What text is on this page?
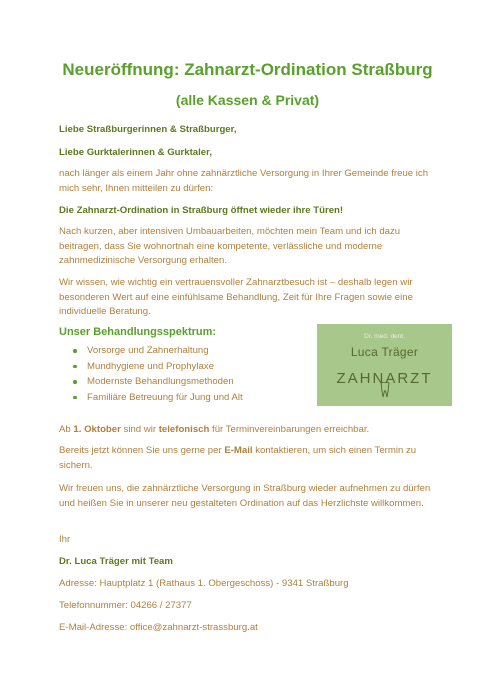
Neueröffnung: Zahnarzt-Ordination Straßburg
(alle Kassen & Privat)
Liebe Straßburgerinnen & Straßburger,
Liebe Gurktalerinnen & Gurktaler,
nach länger als einem Jahr ohne zahnärztliche Versorgung in Ihrer Gemeinde freue ich mich sehr, Ihnen mitteilen zu dürfen:
Die Zahnarzt-Ordination in Straßburg öffnet wieder ihre Türen!
Nach kurzen, aber intensiven Umbauarbeiten, möchten mein Team und ich dazu beitragen, dass Sie wohnortnah eine kompetente, verlässliche und moderne zahnmedizinische Versorgung erhalten.
Wir wissen, wie wichtig ein vertrauensvoller Zahnarztbesuch ist – deshalb legen wir besonderen Wert auf eine einfühlsame Behandlung, Zeit für Ihre Fragen sowie eine individuelle Beratung.
Unser Behandlungsspektrum:
Vorsorge und Zahnerhaltung
Mundhygiene und Prophylaxe
Modernste Behandlungsmethoden
Familiäre Betreuung für Jung und Alt
Dr. med. dent.
Luca Träger
ZAHNARZT
Ab 1. Oktober sind wir telefonisch für Terminvereinbarungen erreichbar.
Bereits jetzt können Sie uns gerne per E-Mail kontaktieren, um sich einen Termin zu sichern.
Wir freuen uns, die zahnärztliche Versorgung in Straßburg wieder aufnehmen zu dürfen und heißen Sie in unserer neu gestalteten Ordination auf das Herzlichste willkommen.
Ihr
Dr. Luca Träger mit Team
Adresse: Hauptplatz 1 (Rathaus 1. Obergeschoss) - 9341 Straßburg
Telefonnummer: 04266 / 27377
E-Mail-Adresse: office@zahnarzt-strassburg.at
